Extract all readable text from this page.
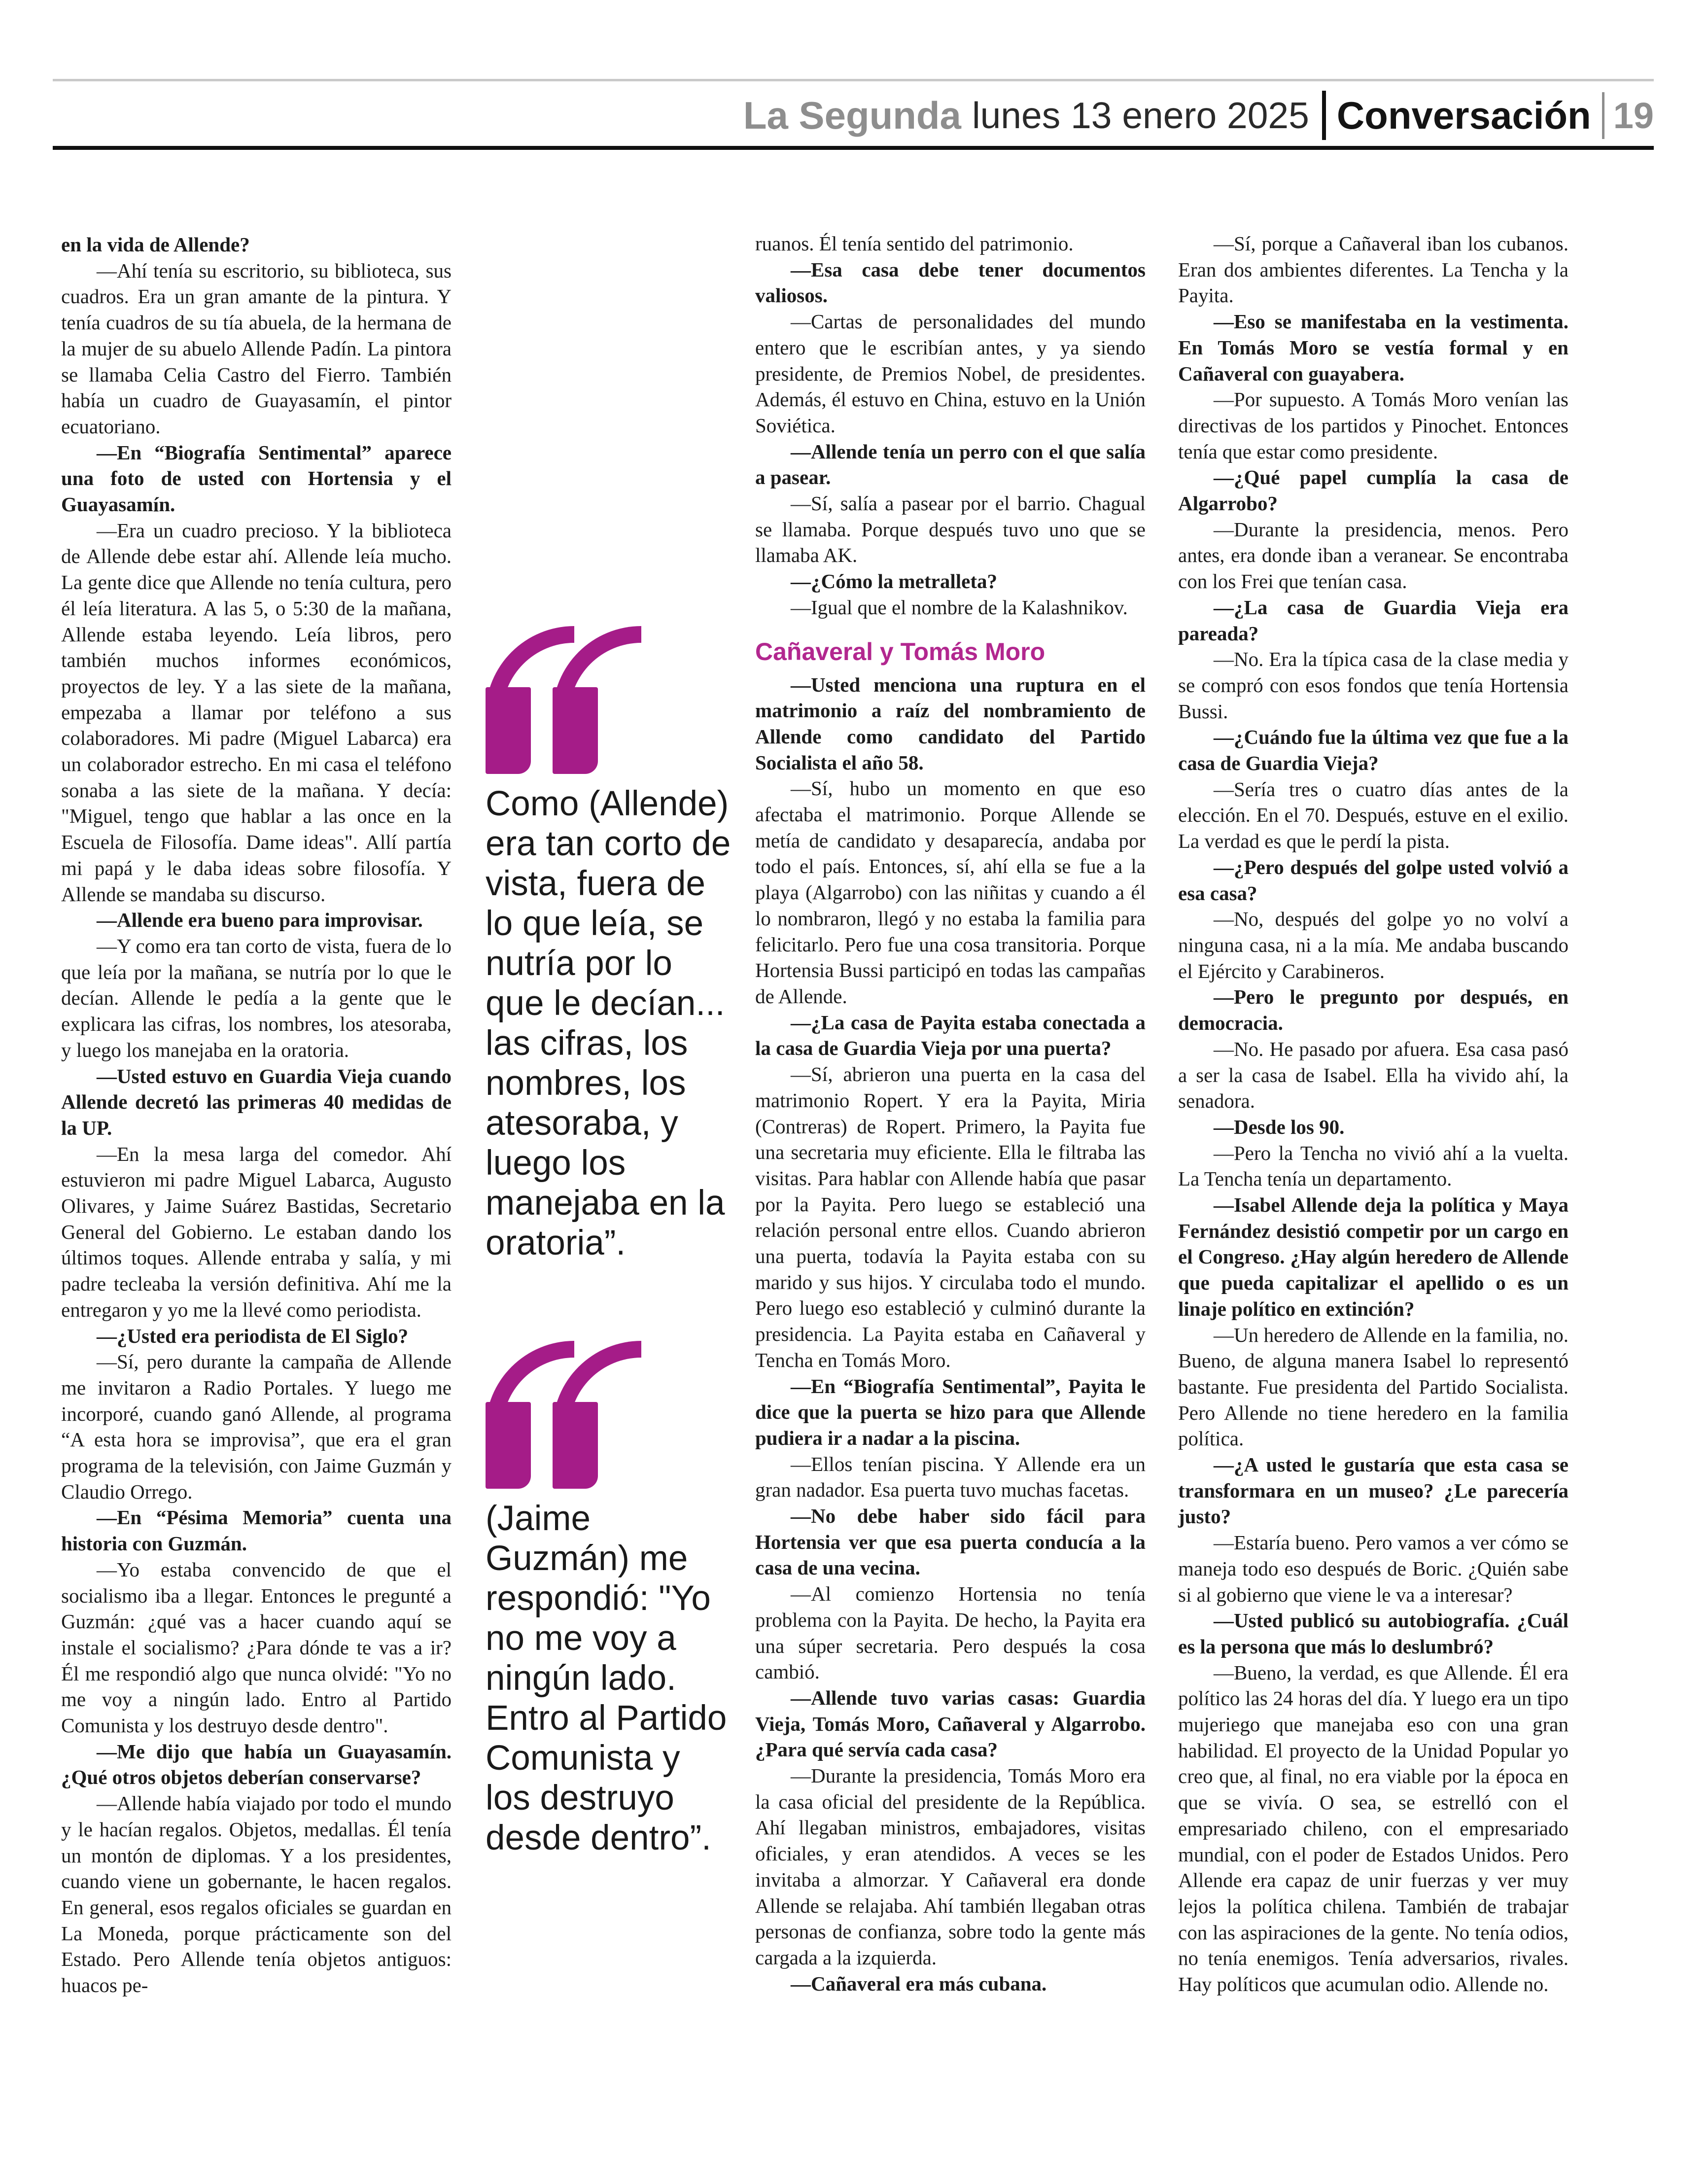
La Segunda lunes 13 enero 2025 Conversación 19

en la vida de Allende?

—Ahí tenía su escritorio, su biblioteca, sus cuadros. Era un gran amante de la pintura. Y tenía cuadros de su tía abuela, de la hermana de la mujer de su abuelo Allende Padín. La pintora se llamaba Celia Castro del Fierro. También había un cuadro de Guayasamín, el pintor ecuatoriano.

—En “Biografía Sentimental” aparece una foto de usted con Hortensia y el Guayasamín.

—Era un cuadro precioso. Y la biblioteca de Allende debe estar ahí. Allende leía mucho. La gente dice que Allende no tenía cultura, pero él leía literatura. A las 5, o 5:30 de la mañana, Allende estaba leyendo. Leía libros, pero también muchos informes económicos, proyectos de ley. Y a las siete de la mañana, empezaba a llamar por teléfono a sus colaboradores. Mi padre (Miguel Labarca) era un colaborador estrecho. En mi casa el teléfono sonaba a las siete de la mañana. Y decía: "Miguel, tengo que hablar a las once en la Escuela de Filosofía. Dame ideas". Allí partía mi papá y le daba ideas sobre filosofía. Y Allende se mandaba su discurso.

—Allende era bueno para improvisar.

—Y como era tan corto de vista, fuera de lo que leía por la mañana, se nutría por lo que le decían. Allende le pedía a la gente que le explicara las cifras, los nombres, los atesoraba, y luego los manejaba en la oratoria.

—Usted estuvo en Guardia Vieja cuando Allende decretó las primeras 40 medidas de la UP.

—En la mesa larga del comedor. Ahí estuvieron mi padre Miguel Labarca, Augusto Olivares, y Jaime Suárez Bastidas, Secretario General del Gobierno. Le estaban dando los últimos toques. Allende entraba y salía, y mi padre tecleaba la versión definitiva. Ahí me la entregaron y yo me la llevé como periodista.

—¿Usted era periodista de El Siglo?

—Sí, pero durante la campaña de Allende me invitaron a Radio Portales. Y luego me incorporé, cuando ganó Allende, al programa “A esta hora se improvisa”, que era el gran programa de la televisión, con Jaime Guzmán y Claudio Orrego.

—En “Pésima Memoria” cuenta una historia con Guzmán.

—Yo estaba convencido de que el socialismo iba a llegar. Entonces le pregunté a Guzmán: ¿qué vas a hacer cuando aquí se instale el socialismo? ¿Para dónde te vas a ir? Él me respondió algo que nunca olvidé: "Yo no me voy a ningún lado. Entro al Partido Comunista y los destruyo desde dentro".

—Me dijo que había un Guayasamín. ¿Qué otros objetos deberían conservarse?

—Allende había viajado por todo el mundo y le hacían regalos. Objetos, medallas. Él tenía un montón de diplomas. Y a los presidentes, cuando viene un gobernante, le hacen regalos. En general, esos regalos oficiales se guardan en La Moneda, porque prácticamente son del Estado. Pero Allende tenía objetos antiguos: huacos pe-

Como (Allende) era tan corto de vista, fuera de lo que leía, se nutría por lo que le decían... las cifras, los nombres, los atesoraba, y luego los manejaba en la oratoria”.
(Jaime Guzmán) me respondió: "Yo no me voy a ningún lado. Entro al Partido Comunista y los destruyo desde dentro”.

ruanos. Él tenía sentido del patrimonio.

—Esa casa debe tener documentos valiosos.

—Cartas de personalidades del mundo entero que le escribían antes, y ya siendo presidente, de Premios Nobel, de presidentes. Además, él estuvo en China, estuvo en la Unión Soviética.

—Allende tenía un perro con el que salía a pasear.

—Sí, salía a pasear por el barrio. Chagual se llamaba. Porque después tuvo uno que se llamaba AK.

—¿Cómo la metralleta?

—Igual que el nombre de la Kalashnikov.

Cañaveral y Tomás Moro

—Usted menciona una ruptura en el matrimonio a raíz del nombramiento de Allende como candidato del Partido Socialista el año 58.

—Sí, hubo un momento en que eso afectaba el matrimonio. Porque Allende se metía de candidato y desaparecía, andaba por todo el país. Entonces, sí, ahí ella se fue a la playa (Algarrobo) con las niñitas y cuando a él lo nombraron, llegó y no estaba la familia para felicitarlo. Pero fue una cosa transitoria. Porque Hortensia Bussi participó en todas las campañas de Allende.

—¿La casa de Payita estaba conectada a la casa de Guardia Vieja por una puerta?

—Sí, abrieron una puerta en la casa del matrimonio Ropert. Y era la Payita, Miria (Contreras) de Ropert. Primero, la Payita fue una secretaria muy eficiente. Ella le filtraba las visitas. Para hablar con Allende había que pasar por la Payita. Pero luego se estableció una relación personal entre ellos. Cuando abrieron una puerta, todavía la Payita estaba con su marido y sus hijos. Y circulaba todo el mundo. Pero luego eso estableció y culminó durante la presidencia. La Payita estaba en Cañaveral y Tencha en Tomás Moro.

—En “Biografía Sentimental”, Payita le dice que la puerta se hizo para que Allende pudiera ir a nadar a la piscina.

—Ellos tenían piscina. Y Allende era un gran nadador. Esa puerta tuvo muchas facetas.

—No debe haber sido fácil para Hortensia ver que esa puerta conducía a la casa de una vecina.

—Al comienzo Hortensia no tenía problema con la Payita. De hecho, la Payita era una súper secretaria. Pero después la cosa cambió.

—Allende tuvo varias casas: Guardia Vieja, Tomás Moro, Cañaveral y Algarrobo. ¿Para qué servía cada casa?

—Durante la presidencia, Tomás Moro era la casa oficial del presidente de la República. Ahí llegaban ministros, embajadores, visitas oficiales, y eran atendidos. A veces se les invitaba a almorzar. Y Cañaveral era donde Allende se relajaba. Ahí también llegaban otras personas de confianza, sobre todo la gente más cargada a la izquierda.

—Cañaveral era más cubana.

—Sí, porque a Cañaveral iban los cubanos. Eran dos ambientes diferentes. La Tencha y la Payita.

—Eso se manifestaba en la vestimenta. En Tomás Moro se vestía formal y en Cañaveral con guayabera.

—Por supuesto. A Tomás Moro venían las directivas de los partidos y Pinochet. Entonces tenía que estar como presidente.

—¿Qué papel cumplía la casa de Algarrobo?

—Durante la presidencia, menos. Pero antes, era donde iban a veranear. Se encontraba con los Frei que tenían casa.

—¿La casa de Guardia Vieja era pareada?

—No. Era la típica casa de la clase media y se compró con esos fondos que tenía Hortensia Bussi.

—¿Cuándo fue la última vez que fue a la casa de Guardia Vieja?

—Sería tres o cuatro días antes de la elección. En el 70. Después, estuve en el exilio. La verdad es que le perdí la pista.

—¿Pero después del golpe usted volvió a esa casa?

—No, después del golpe yo no volví a ninguna casa, ni a la mía. Me andaba buscando el Ejército y Carabineros.

—Pero le pregunto por después, en democracia.

—No. He pasado por afuera. Esa casa pasó a ser la casa de Isabel. Ella ha vivido ahí, la senadora.

—Desde los 90.

—Pero la Tencha no vivió ahí a la vuelta. La Tencha tenía un departamento.

—Isabel Allende deja la política y Maya Fernández desistió competir por un cargo en el Congreso. ¿Hay algún heredero de Allende que pueda capitalizar el apellido o es un linaje político en extinción?

—Un heredero de Allende en la familia, no. Bueno, de alguna manera Isabel lo representó bastante. Fue presidenta del Partido Socialista. Pero Allende no tiene heredero en la familia política.

—¿A usted le gustaría que esta casa se transformara en un museo? ¿Le parecería justo?

—Estaría bueno. Pero vamos a ver cómo se maneja todo eso después de Boric. ¿Quién sabe si al gobierno que viene le va a interesar?

—Usted publicó su autobiografía. ¿Cuál es la persona que más lo deslumbró?

—Bueno, la verdad, es que Allende. Él era político las 24 horas del día. Y luego era un tipo mujeriego que manejaba eso con una gran habilidad. El proyecto de la Unidad Popular yo creo que, al final, no era viable por la época en que se vivía. O sea, se estrelló con el empresariado chileno, con el empresariado mundial, con el poder de Estados Unidos. Pero Allende era capaz de unir fuerzas y ver muy lejos la política chilena. También de trabajar con las aspiraciones de la gente. No tenía odios, no tenía enemigos. Tenía adversarios, rivales. Hay políticos que acumulan odio. Allende no.
